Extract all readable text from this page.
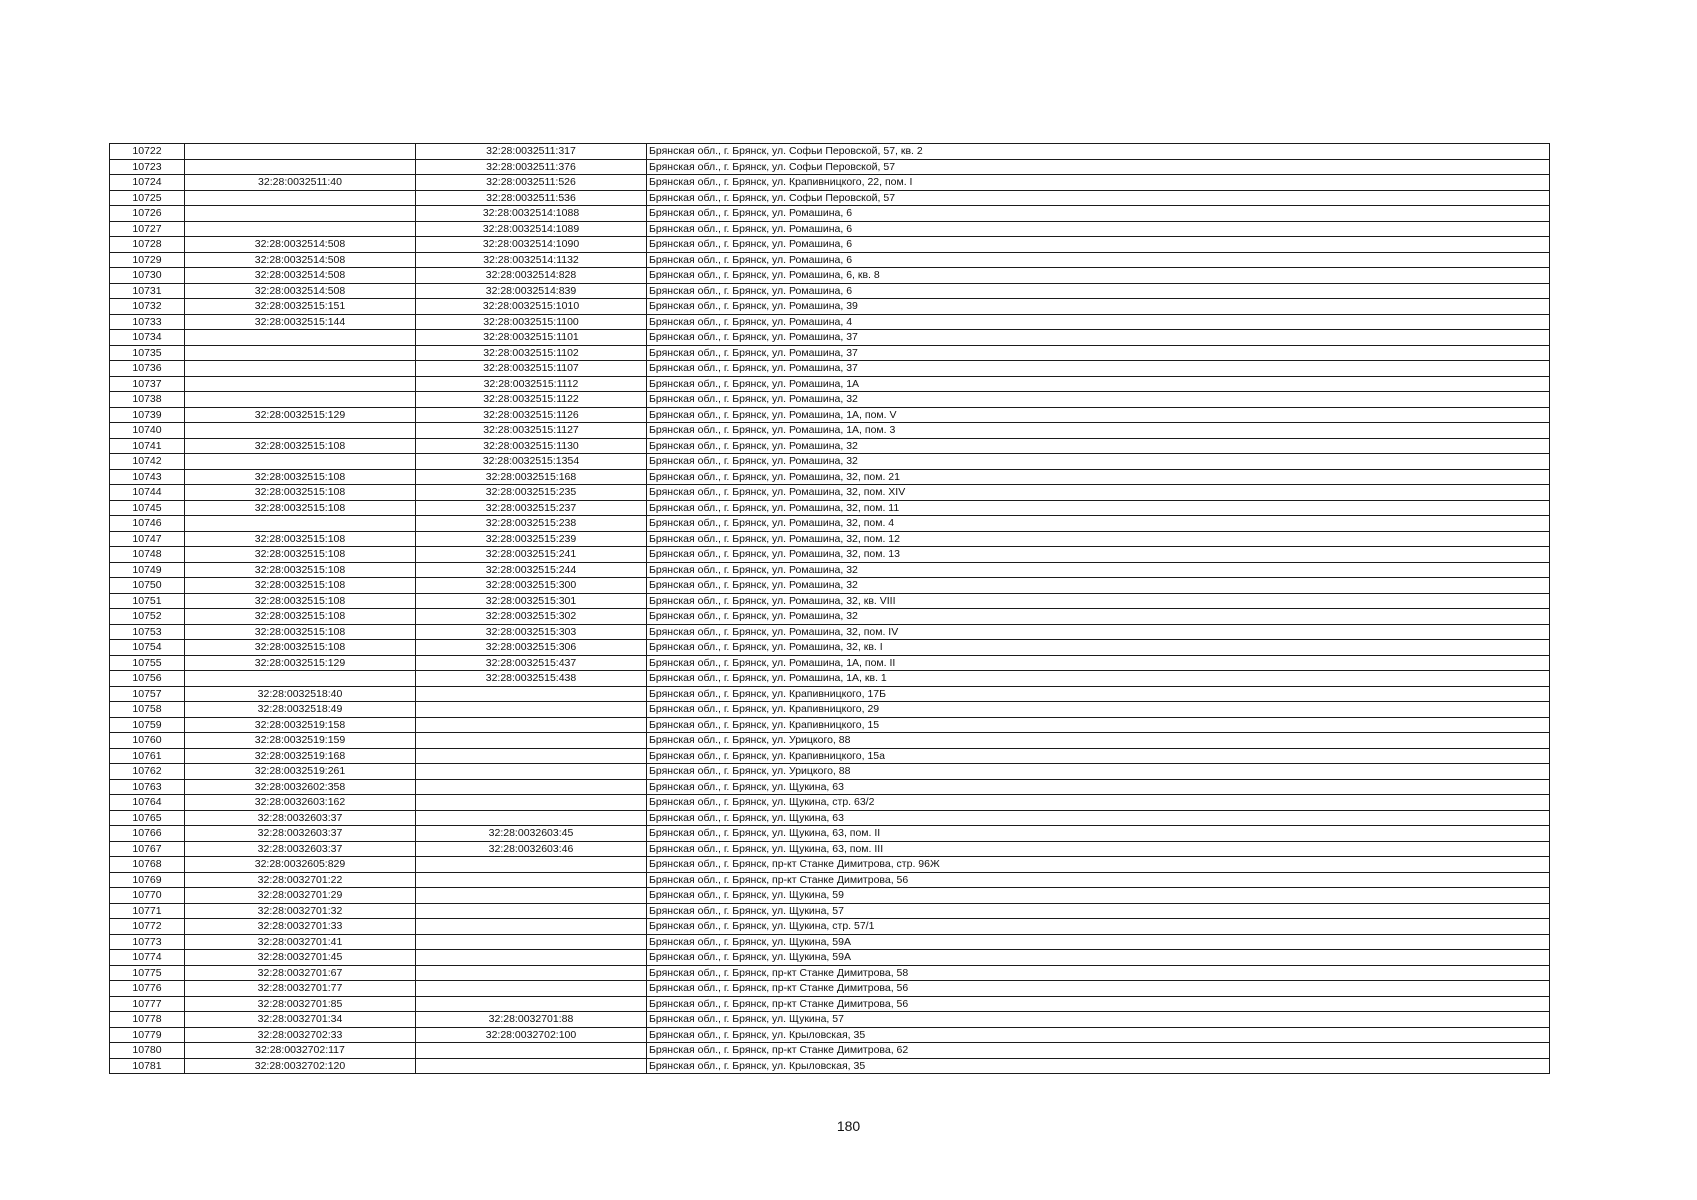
10722		32:28:0032511:317	Брянская обл., г. Брянск, ул. Софьи Перовской, 57, кв. 2
10723		32:28:0032511:376	Брянская обл., г. Брянск, ул. Софьи Перовской, 57
10724	32:28:0032511:40	32:28:0032511:526	Брянская обл., г. Брянск, ул. Крапивницкого, 22, пом. I
10725		32:28:0032511:536	Брянская обл., г. Брянск, ул. Софьи Перовской, 57
10726		32:28:0032514:1088	Брянская обл., г. Брянск, ул. Ромашина, 6
10727		32:28:0032514:1089	Брянская обл., г. Брянск, ул. Ромашина, 6
10728	32:28:0032514:508	32:28:0032514:1090	Брянская обл., г. Брянск, ул. Ромашина, 6
10729	32:28:0032514:508	32:28:0032514:1132	Брянская обл., г. Брянск, ул. Ромашина, 6
10730	32:28:0032514:508	32:28:0032514:828	Брянская обл., г. Брянск, ул. Ромашина, 6, кв. 8
10731	32:28:0032514:508	32:28:0032514:839	Брянская обл., г. Брянск, ул. Ромашина, 6
10732	32:28:0032515:151	32:28:0032515:1010	Брянская обл., г. Брянск, ул. Ромашина, 39
10733	32:28:0032515:144	32:28:0032515:1100	Брянская обл., г. Брянск, ул. Ромашина, 4
10734		32:28:0032515:1101	Брянская обл., г. Брянск, ул. Ромашина, 37
10735		32:28:0032515:1102	Брянская обл., г. Брянск, ул. Ромашина, 37
10736		32:28:0032515:1107	Брянская обл., г. Брянск, ул. Ромашина, 37
10737		32:28:0032515:1112	Брянская обл., г. Брянск, ул. Ромашина, 1А
10738		32:28:0032515:1122	Брянская обл., г. Брянск, ул. Ромашина, 32
10739	32:28:0032515:129	32:28:0032515:1126	Брянская обл., г. Брянск, ул. Ромашина, 1А, пом. V
10740		32:28:0032515:1127	Брянская обл., г. Брянск, ул. Ромашина, 1А, пом. 3
10741	32:28:0032515:108	32:28:0032515:1130	Брянская обл., г. Брянск, ул. Ромашина, 32
10742		32:28:0032515:1354	Брянская обл., г. Брянск, ул. Ромашина, 32
10743	32:28:0032515:108	32:28:0032515:168	Брянская обл., г. Брянск, ул. Ромашина, 32, пом. 21
10744	32:28:0032515:108	32:28:0032515:235	Брянская обл., г. Брянск, ул. Ромашина, 32, пом. XIV
10745	32:28:0032515:108	32:28:0032515:237	Брянская обл., г. Брянск, ул. Ромашина, 32, пом. 11
10746		32:28:0032515:238	Брянская обл., г. Брянск, ул. Ромашина, 32, пом. 4
10747	32:28:0032515:108	32:28:0032515:239	Брянская обл., г. Брянск, ул. Ромашина, 32, пом. 12
10748	32:28:0032515:108	32:28:0032515:241	Брянская обл., г. Брянск, ул. Ромашина, 32, пом. 13
10749	32:28:0032515:108	32:28:0032515:244	Брянская обл., г. Брянск, ул. Ромашина, 32
10750	32:28:0032515:108	32:28:0032515:300	Брянская обл., г. Брянск, ул. Ромашина, 32
10751	32:28:0032515:108	32:28:0032515:301	Брянская обл., г. Брянск, ул. Ромашина, 32, кв. VIII
10752	32:28:0032515:108	32:28:0032515:302	Брянская обл., г. Брянск, ул. Ромашина, 32
10753	32:28:0032515:108	32:28:0032515:303	Брянская обл., г. Брянск, ул. Ромашина, 32, пом. IV
10754	32:28:0032515:108	32:28:0032515:306	Брянская обл., г. Брянск, ул. Ромашина, 32, кв. I
10755	32:28:0032515:129	32:28:0032515:437	Брянская обл., г. Брянск, ул. Ромашина, 1А, пом. II
10756		32:28:0032515:438	Брянская обл., г. Брянск, ул. Ромашина, 1А, кв. 1
10757	32:28:0032518:40		Брянская обл., г. Брянск, ул. Крапивницкого, 17Б
10758	32:28:0032518:49		Брянская обл., г. Брянск, ул. Крапивницкого, 29
10759	32:28:0032519:158		Брянская обл., г. Брянск, ул. Крапивницкого, 15
10760	32:28:0032519:159		Брянская обл., г. Брянск, ул. Урицкого, 88
10761	32:28:0032519:168		Брянская обл., г. Брянск, ул. Крапивницкого, 15а
10762	32:28:0032519:261		Брянская обл., г. Брянск, ул. Урицкого, 88
10763	32:28:0032602:358		Брянская обл., г. Брянск, ул. Щукина, 63
10764	32:28:0032603:162		Брянская обл., г. Брянск, ул. Щукина, стр. 63/2
10765	32:28:0032603:37		Брянская обл., г. Брянск, ул. Щукина, 63
10766	32:28:0032603:37	32:28:0032603:45	Брянская обл., г. Брянск, ул. Щукина, 63, пом. II
10767	32:28:0032603:37	32:28:0032603:46	Брянская обл., г. Брянск, ул. Щукина, 63, пом. III
10768	32:28:0032605:829		Брянская обл., г. Брянск, пр-кт Станке Димитрова, стр. 96Ж
10769	32:28:0032701:22		Брянская обл., г. Брянск, пр-кт Станке Димитрова, 56
10770	32:28:0032701:29		Брянская обл., г. Брянск, ул. Щукина, 59
10771	32:28:0032701:32		Брянская обл., г. Брянск, ул. Щукина, 57
10772	32:28:0032701:33		Брянская обл., г. Брянск, ул. Щукина, стр. 57/1
10773	32:28:0032701:41		Брянская обл., г. Брянск, ул. Щукина, 59А
10774	32:28:0032701:45		Брянская обл., г. Брянск, ул. Щукина, 59А
10775	32:28:0032701:67		Брянская обл., г. Брянск, пр-кт Станке Димитрова, 58
10776	32:28:0032701:77		Брянская обл., г. Брянск, пр-кт Станке Димитрова, 56
10777	32:28:0032701:85		Брянская обл., г. Брянск, пр-кт Станке Димитрова, 56
10778	32:28:0032701:34	32:28:0032701:88	Брянская обл., г. Брянск, ул. Щукина, 57
10779	32:28:0032702:33	32:28:0032702:100	Брянская обл., г. Брянск, ул. Крыловская, 35
10780	32:28:0032702:117		Брянская обл., г. Брянск, пр-кт Станке Димитрова, 62
10781	32:28:0032702:120		Брянская обл., г. Брянск, ул. Крыловская, 35
180
